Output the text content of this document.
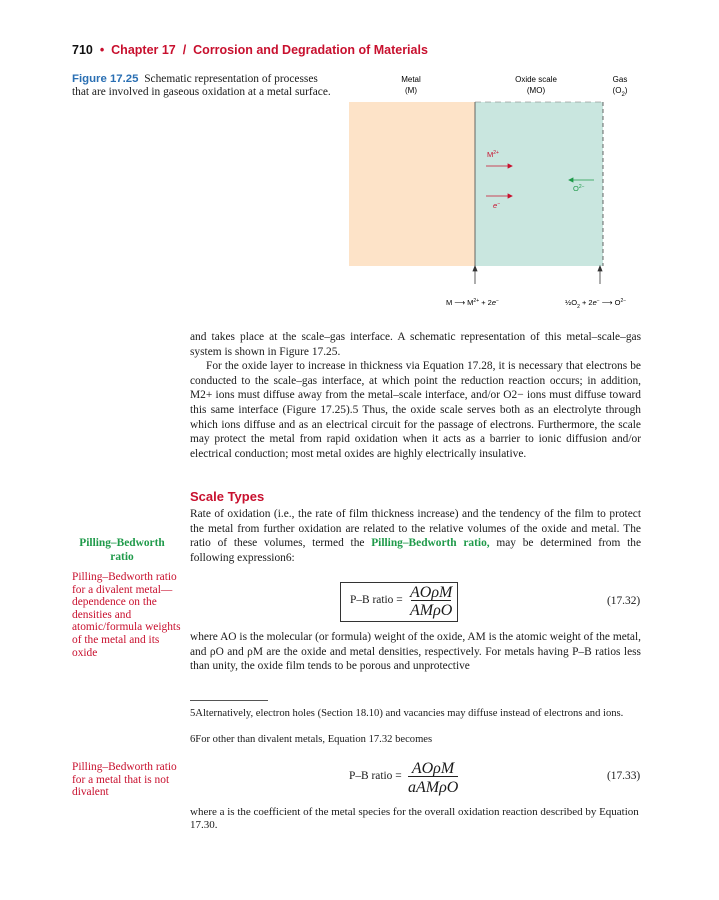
710 • Chapter 17 / Corrosion and Degradation of Materials
Figure 17.25 Schematic representation of processes that are involved in gaseous oxidation at a metal surface.
Metal
(M)
Oxide scale
(MO)
Gas
$(O_2)$
$M^{2+}$
$O^{2-}$
e−
M ⟶ $M^{2+} + 2e^-$	$\frac{1}{2}O_2 + 2e^-$ ⟶ $O^{2-}$

and takes place at the scale–gas interface. A schematic representation of this metal–scale–gas system is shown in Figure 17.25.

For the oxide layer to increase in thickness via Equation 17.28, it is necessary that electrons be conducted to the scale–gas interface, at which point the reduction reaction occurs; in addition, M2+ ions must diffuse away from the metal–scale interface, and/or O2− ions must diffuse toward this same interface (Figure 17.25).5 Thus, the oxide scale serves both as an electrolyte through which ions diffuse and as an electrical circuit for the passage of electrons. Furthermore, the scale may protect the metal from rapid oxidation when it acts as a barrier to ionic diffusion and/or electrical conduction; most metal oxides are highly electrically insulative.

Scale Types

Rate of oxidation (i.e., the rate of film thickness increase) and the tendency of the film to protect the metal from further oxidation are related to the relative volumes of the oxide and metal. The ratio of these volumes, termed the Pilling–Bedworth ratio, may be determined from the following expression6:

Pilling–Bedworth ratio
Pilling–Bedworth ratio for a divalent metal—dependence on the densities and atomic/formula weights of the metal and its oxide
Pilling–Bedworth ratio for a metal that is not divalent
P–B ratio = AOρM
AMρO
(17.32)
where AO is the molecular (or formula) weight of the oxide, AM is the atomic weight of the metal, and ρO and ρM are the oxide and metal densities, respectively. For metals having P–B ratios less than unity, the oxide film tends to be porous and unprotective
5Alternatively, electron holes (Section 18.10) and vacancies may diffuse instead of electrons and ions.
6For other than divalent metals, Equation 17.32 becomes
P–B ratio = AOρM
aAMρO
(17.33)
where a is the coefficient of the metal species for the overall oxidation reaction described by Equation 17.30.
